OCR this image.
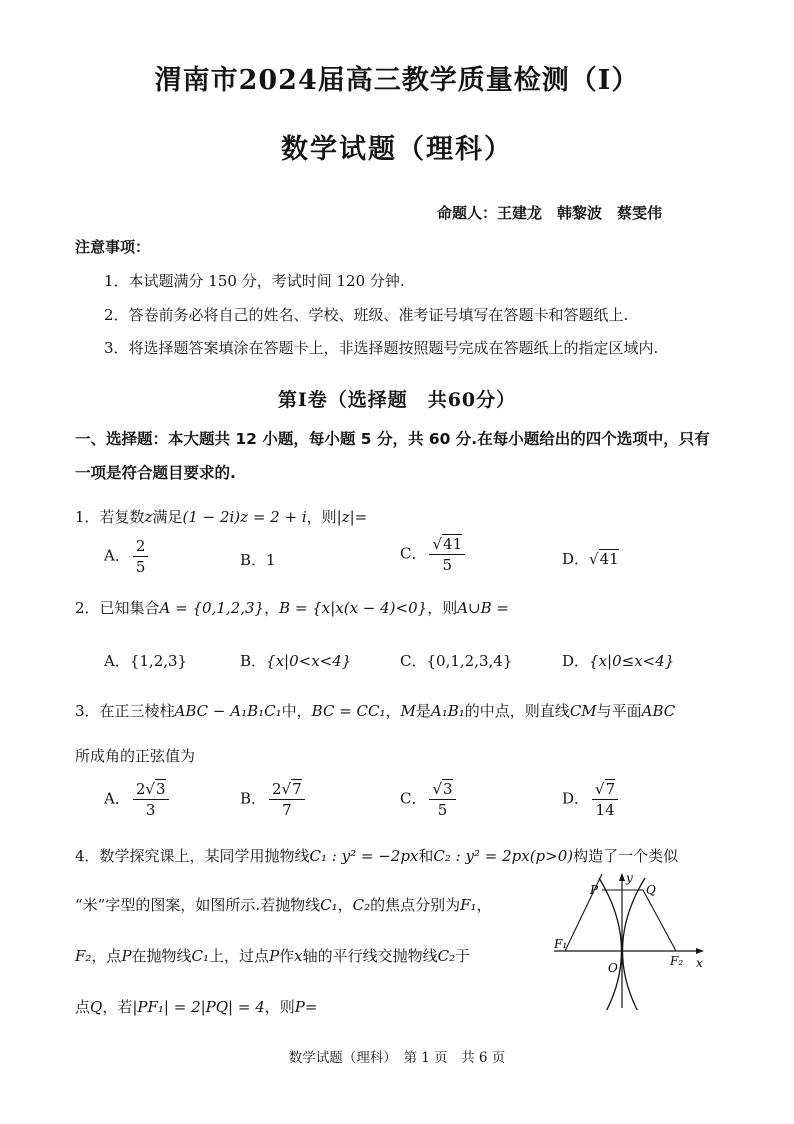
渭南市2024届高三教学质量检测（Ⅰ）
数学试题（理科）
命题人：王建龙　韩黎波　蔡雯伟
注意事项：
1．本试题满分 150 分，考试时间 120 分钟.
2．答卷前务必将自己的姓名、学校、班级、准考证号填写在答题卡和答题纸上.
3．将选择题答案填涂在答题卡上，非选择题按照题号完成在答题纸上的指定区域内.
第Ⅰ卷（选择题　共60分）
一、选择题：本大题共 12 小题，每小题 5 分，共 60 分.在每小题给出的四个选项中，只有
一项是符合题目要求的.
1．若复数z满足(1 − 2i)z = 2 + i，则|z|=
A． $\frac{2}{5}$	B．1	C． $\frac{√41}{5}$	D．√41
2．已知集合A = {0,1,2,3}，B = {x|x(x − 4)<0}，则A∪B =
A．{1,2,3}	B．{x|0<x<4}	C．{0,1,2,3,4}	D．{x|0≤x<4}
3．在正三棱柱ABC − A₁B₁C₁中，BC = CC₁，M是A₁B₁的中点，则直线CM与平面ABC
所成角的正弦值为
A． $\frac{2√3}{3}$	B． $\frac{2√7}{7}$	C． $\frac{√3}{5}$	D． $\frac{√7}{14}$
4．数学探究课上，某同学用抛物线C₁ : y² = −2px和C₂ : y² = 2px(p>0)构造了一个类似
“米”字型的图案，如图所示.若抛物线C₁，C₂的焦点分别为F₁，
F₂，点P在抛物线C₁上，过点P作x轴的平行线交抛物线C₂于
点Q，若|PF₁| = 2|PQ| = 4，则P=
y
x
O
P	Q
F₁
F₂
数学试题（理科）　第 1 页　共 6 页
